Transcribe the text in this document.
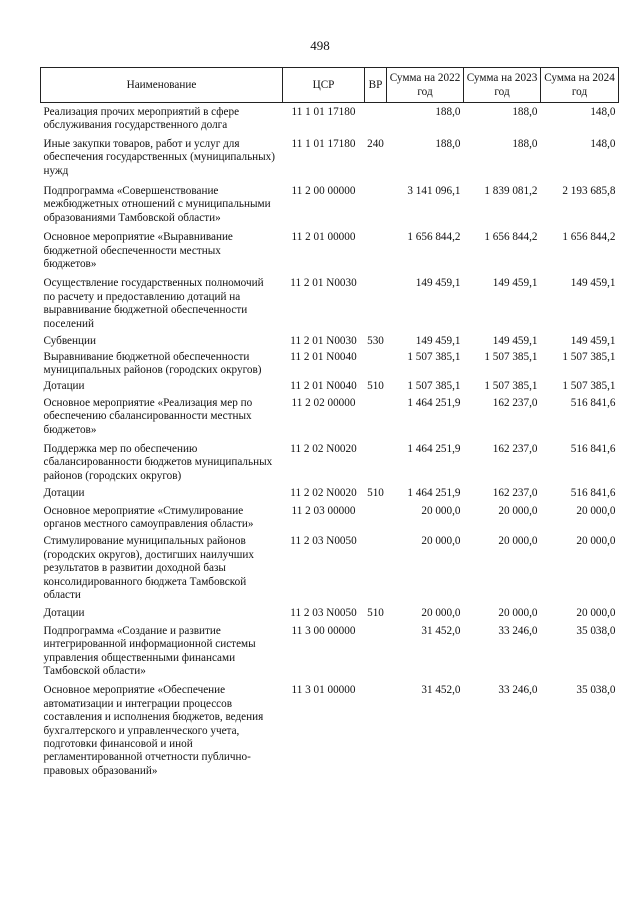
498
Наименование	ЦСР	ВР	Сумма на 2022 год	Сумма на 2023 год	Сумма на 2024 год
Реализация прочих мероприятий в сфере обслуживания государственного долга	11 1 01 17180		188,0	188,0	148,0
Иные закупки товаров, работ и услуг для обеспечения государственных (муниципальных) нужд	11 1 01 17180	240	188,0	188,0	148,0
Подпрограмма «Совершенствование межбюджетных отношений с муниципальными образованиями Тамбовской области»	11 2 00 00000		3 141 096,1	1 839 081,2	2 193 685,8
Основное мероприятие «Выравнивание бюджетной обеспеченности местных бюджетов»	11 2 01 00000		1 656 844,2	1 656 844,2	1 656 844,2
Осуществление государственных полномочий по расчету и предоставлению дотаций на выравнивание бюджетной обеспеченности поселений	11 2 01 N0030		149 459,1	149 459,1	149 459,1
Субвенции	11 2 01 N0030	530	149 459,1	149 459,1	149 459,1
Выравнивание бюджетной обеспеченности муниципальных районов (городских округов)	11 2 01 N0040		1 507 385,1	1 507 385,1	1 507 385,1
Дотации	11 2 01 N0040	510	1 507 385,1	1 507 385,1	1 507 385,1
Основное мероприятие «Реализация мер по обеспечению сбалансированности местных бюджетов»	11 2 02 00000		1 464 251,9	162 237,0	516 841,6
Поддержка мер по обеспечению сбалансированности бюджетов муниципальных районов (городских округов)	11 2 02 N0020		1 464 251,9	162 237,0	516 841,6
Дотации	11 2 02 N0020	510	1 464 251,9	162 237,0	516 841,6
Основное мероприятие «Стимулирование органов местного самоуправления области»	11 2 03 00000		20 000,0	20 000,0	20 000,0
Стимулирование муниципальных районов (городских округов), достигших наилучших результатов в развитии доходной базы консолидированного бюджета Тамбовской области	11 2 03 N0050		20 000,0	20 000,0	20 000,0
Дотации	11 2 03 N0050	510	20 000,0	20 000,0	20 000,0
Подпрограмма «Создание и развитие интегрированной информационной системы управления общественными финансами Тамбовской области»	11 3 00 00000		31 452,0	33 246,0	35 038,0
Основное мероприятие «Обеспечение автоматизации и интеграции процессов составления и исполнения бюджетов, ведения бухгалтерского и управленческого учета, подготовки финансовой и иной регламентированной отчетности публично-правовых образований»	11 3 01 00000		31 452,0	33 246,0	35 038,0
